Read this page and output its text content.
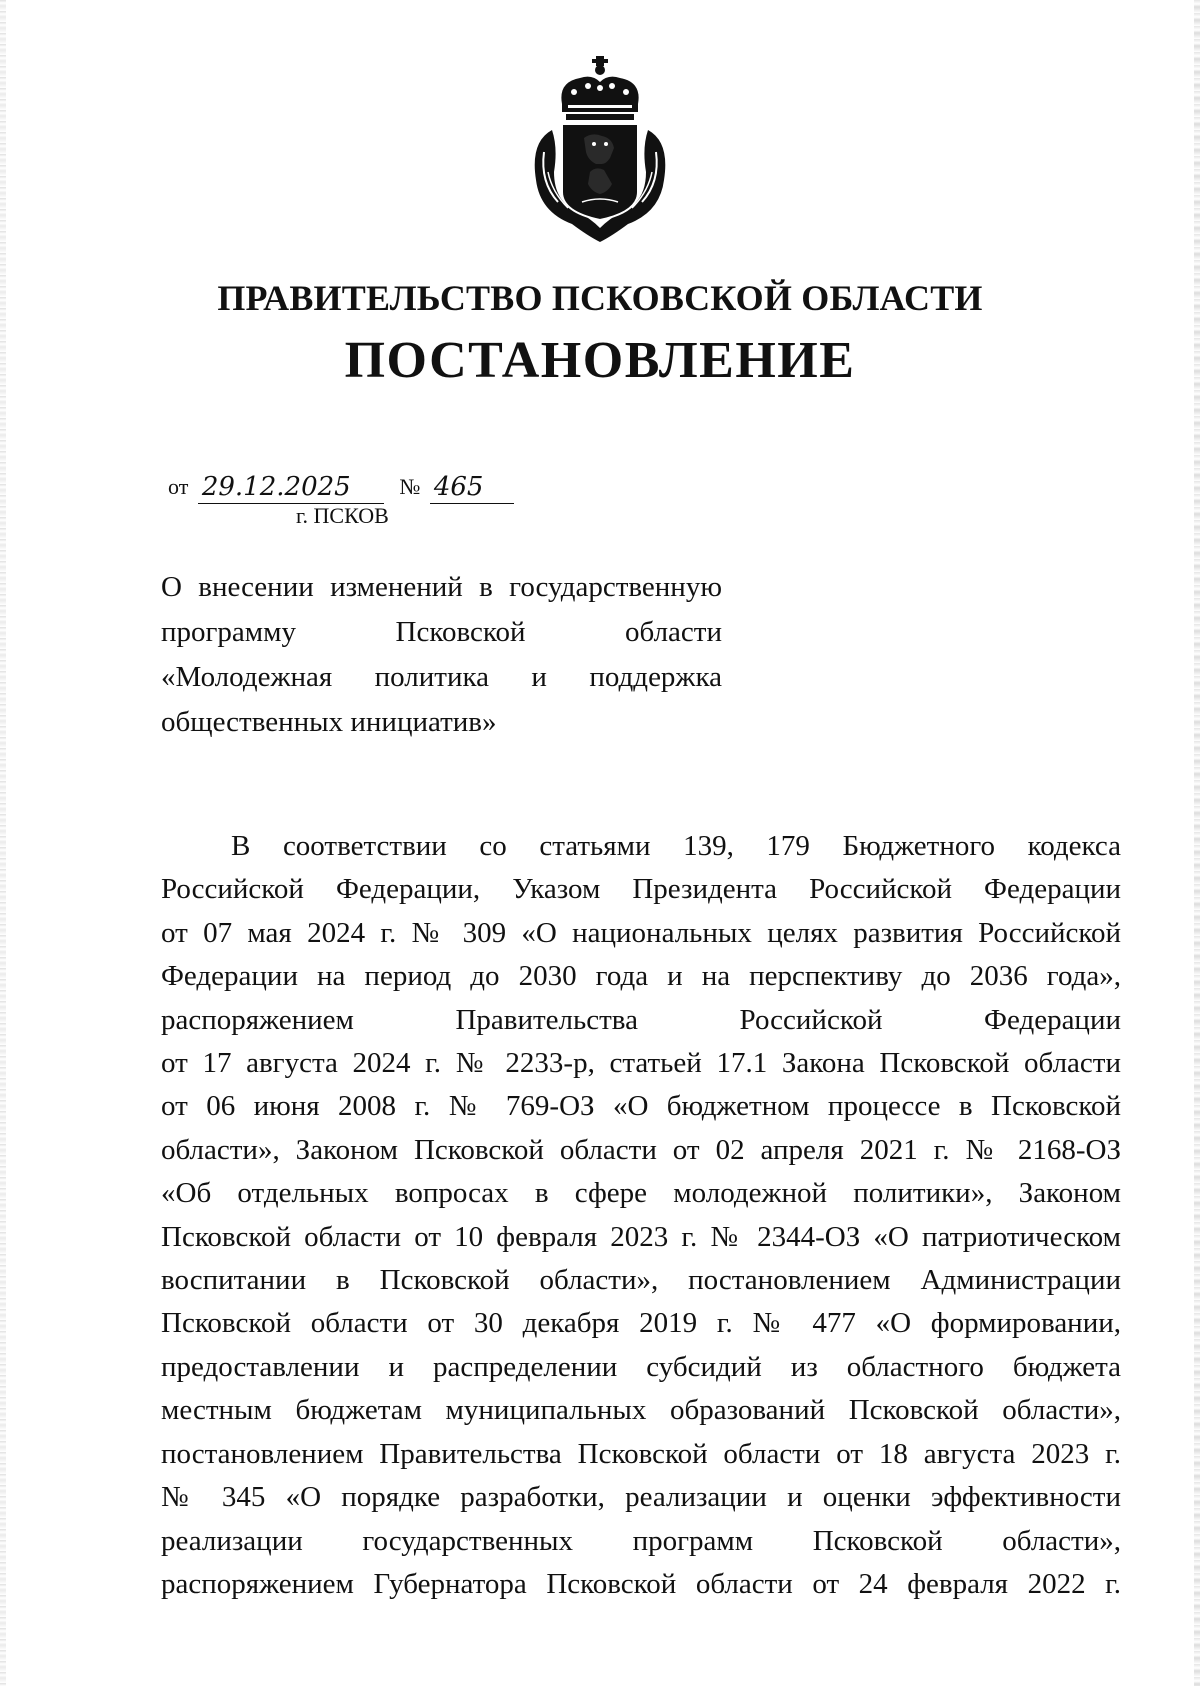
ПРАВИТЕЛЬСТВО ПСКОВСКОЙ ОБЛАСТИ
ПОСТАНОВЛЕНИЕ
от 29.12.2025 № 465
г. ПСКОВ
О внесении изменений в государственную
программу Псковской области
«Молодежная политика и поддержка
общественных инициатив»
В соответствии со статьями 139, 179 Бюджетного кодекса
Российской Федерации, Указом Президента Российской Федерации
от 07 мая 2024 г. № 309 «О национальных целях развития Российской
Федерации на период до 2030 года и на перспективу до 2036 года»,
распоряжением Правительства Российской Федерации
от 17 августа 2024 г. № 2233-р, статьей 17.1 Закона Псковской области
от 06 июня 2008 г. № 769-ОЗ «О бюджетном процессе в Псковской
области», Законом Псковской области от 02 апреля 2021 г. № 2168-ОЗ
«Об отдельных вопросах в сфере молодежной политики», Законом
Псковской области от 10 февраля 2023 г. № 2344-ОЗ «О патриотическом
воспитании в Псковской области», постановлением Администрации
Псковской области от 30 декабря 2019 г. № 477 «О формировании,
предоставлении и распределении субсидий из областного бюджета
местным бюджетам муниципальных образований Псковской области»,
постановлением Правительства Псковской области от 18 августа 2023 г.
№ 345 «О порядке разработки, реализации и оценки эффективности
реализации государственных программ Псковской области»,
распоряжением Губернатора Псковской области от 24 февраля 2022 г.
